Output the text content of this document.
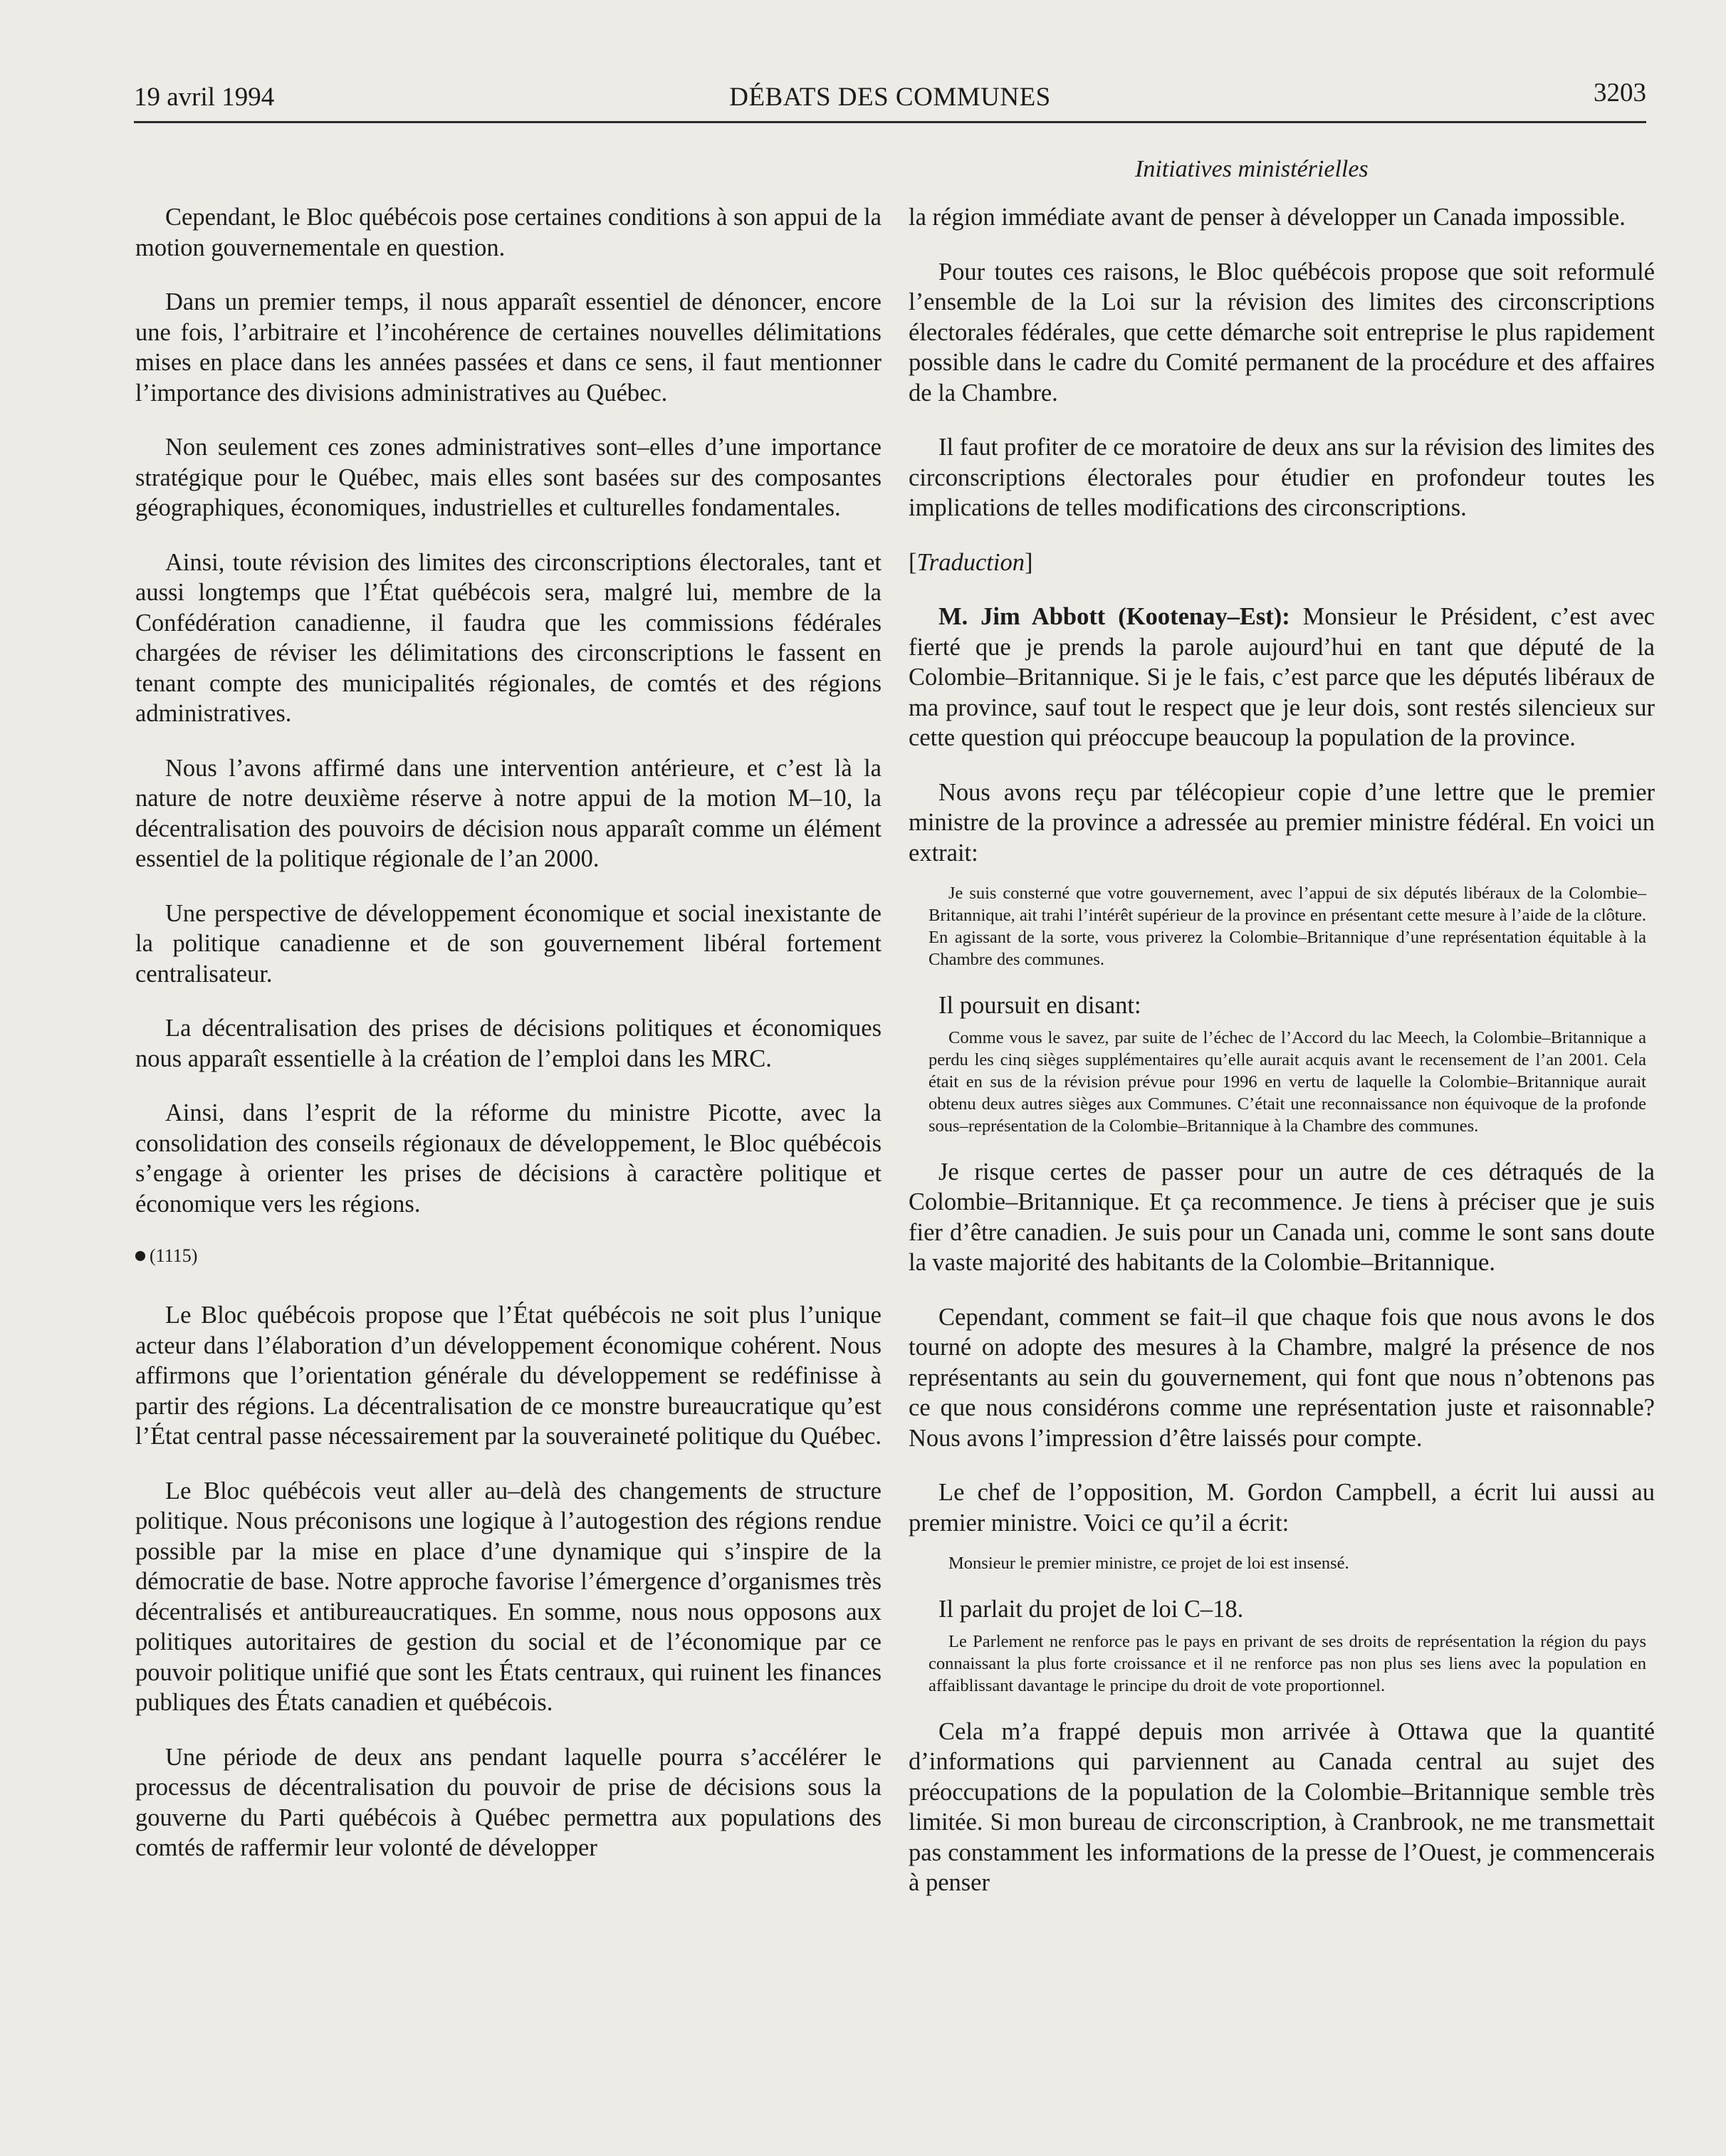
19 avril 1994	DÉBATS DES COMMUNES	3203
Initiatives ministérielles

Cependant, le Bloc québécois pose certaines conditions à son appui de la motion gouvernementale en question.

Dans un premier temps, il nous apparaît essentiel de dénoncer, encore une fois, l’arbitraire et l’incohérence de certaines nouvelles délimitations mises en place dans les années passées et dans ce sens, il faut mentionner l’importance des divisions administratives au Québec.

Non seulement ces zones administratives sont–elles d’une importance stratégique pour le Québec, mais elles sont basées sur des composantes géographiques, économiques, industrielles et culturelles fondamentales.

Ainsi, toute révision des limites des circonscriptions électorales, tant et aussi longtemps que l’État québécois sera, malgré lui, membre de la Confédération canadienne, il faudra que les commissions fédérales chargées de réviser les délimitations des circonscriptions le fassent en tenant compte des municipalités régionales, de comtés et des régions administratives.

Nous l’avons affirmé dans une intervention antérieure, et c’est là la nature de notre deuxième réserve à notre appui de la motion M–10, la décentralisation des pouvoirs de décision nous apparaît comme un élément essentiel de la politique régionale de l’an 2000.

Une perspective de développement économique et social inexistante de la politique canadienne et de son gouvernement libéral fortement centralisateur.

La décentralisation des prises de décisions politiques et économiques nous apparaît essentielle à la création de l’emploi dans les MRC.

Ainsi, dans l’esprit de la réforme du ministre Picotte, avec la consolidation des conseils régionaux de développement, le Bloc québécois s’engage à orienter les prises de décisions à caractère politique et économique vers les régions.

(1115)

Le Bloc québécois propose que l’État québécois ne soit plus l’unique acteur dans l’élaboration d’un développement économique cohérent. Nous affirmons que l’orientation générale du développement se redéfinisse à partir des régions. La décentralisation de ce monstre bureaucratique qu’est l’État central passe nécessairement par la souveraineté politique du Québec.

Le Bloc québécois veut aller au–delà des changements de structure politique. Nous préconisons une logique à l’autogestion des régions rendue possible par la mise en place d’une dynamique qui s’inspire de la démocratie de base. Notre approche favorise l’émergence d’organismes très décentralisés et antibureaucratiques. En somme, nous nous opposons aux politiques autoritaires de gestion du social et de l’économique par ce pouvoir politique unifié que sont les États centraux, qui ruinent les finances publiques des États canadien et québécois.

Une période de deux ans pendant laquelle pourra s’accélérer le processus de décentralisation du pouvoir de prise de décisions sous la gouverne du Parti québécois à Québec permettra aux populations des comtés de raffermir leur volonté de développer

la région immédiate avant de penser à développer un Canada impossible.

Pour toutes ces raisons, le Bloc québécois propose que soit reformulé l’ensemble de la Loi sur la révision des limites des circonscriptions électorales fédérales, que cette démarche soit entreprise le plus rapidement possible dans le cadre du Comité permanent de la procédure et des affaires de la Chambre.

Il faut profiter de ce moratoire de deux ans sur la révision des limites des circonscriptions électorales pour étudier en profondeur toutes les implications de telles modifications des circonscriptions.

[Traduction]

M. Jim Abbott (Kootenay–Est): Monsieur le Président, c’est avec fierté que je prends la parole aujourd’hui en tant que député de la Colombie–Britannique. Si je le fais, c’est parce que les députés libéraux de ma province, sauf tout le respect que je leur dois, sont restés silencieux sur cette question qui préoccupe beaucoup la population de la province.

Nous avons reçu par télécopieur copie d’une lettre que le premier ministre de la province a adressée au premier ministre fédéral. En voici un extrait:

Je suis consterné que votre gouvernement, avec l’appui de six députés libéraux de la Colombie–Britannique, ait trahi l’intérêt supérieur de la province en présentant cette mesure à l’aide de la clôture. En agissant de la sorte, vous priverez la Colombie–Britannique d’une représentation équitable à la Chambre des communes.

Il poursuit en disant:

Comme vous le savez, par suite de l’échec de l’Accord du lac Meech, la Colombie–Britannique a perdu les cinq sièges supplémentaires qu’elle aurait acquis avant le recensement de l’an 2001. Cela était en sus de la révision prévue pour 1996 en vertu de laquelle la Colombie–Britannique aurait obtenu deux autres sièges aux Communes. C’était une reconnaissance non équivoque de la profonde sous–représentation de la Colombie–Britannique à la Chambre des communes.

Je risque certes de passer pour un autre de ces détraqués de la Colombie–Britannique. Et ça recommence. Je tiens à préciser que je suis fier d’être canadien. Je suis pour un Canada uni, comme le sont sans doute la vaste majorité des habitants de la Colombie–Britannique.

Cependant, comment se fait–il que chaque fois que nous avons le dos tourné on adopte des mesures à la Chambre, malgré la présence de nos représentants au sein du gouvernement, qui font que nous n’obtenons pas ce que nous considérons comme une représentation juste et raisonnable? Nous avons l’impression d’être laissés pour compte.

Le chef de l’opposition, M. Gordon Campbell, a écrit lui aussi au premier ministre. Voici ce qu’il a écrit:

Monsieur le premier ministre, ce projet de loi est insensé.

Il parlait du projet de loi C–18.

Le Parlement ne renforce pas le pays en privant de ses droits de représentation la région du pays connaissant la plus forte croissance et il ne renforce pas non plus ses liens avec la population en affaiblissant davantage le principe du droit de vote proportionnel.

Cela m’a frappé depuis mon arrivée à Ottawa que la quantité d’informations qui parviennent au Canada central au sujet des préoccupations de la population de la Colombie–Britannique semble très limitée. Si mon bureau de circonscription, à Cranbrook, ne me transmettait pas constamment les informations de la presse de l’Ouest, je commencerais à penser
